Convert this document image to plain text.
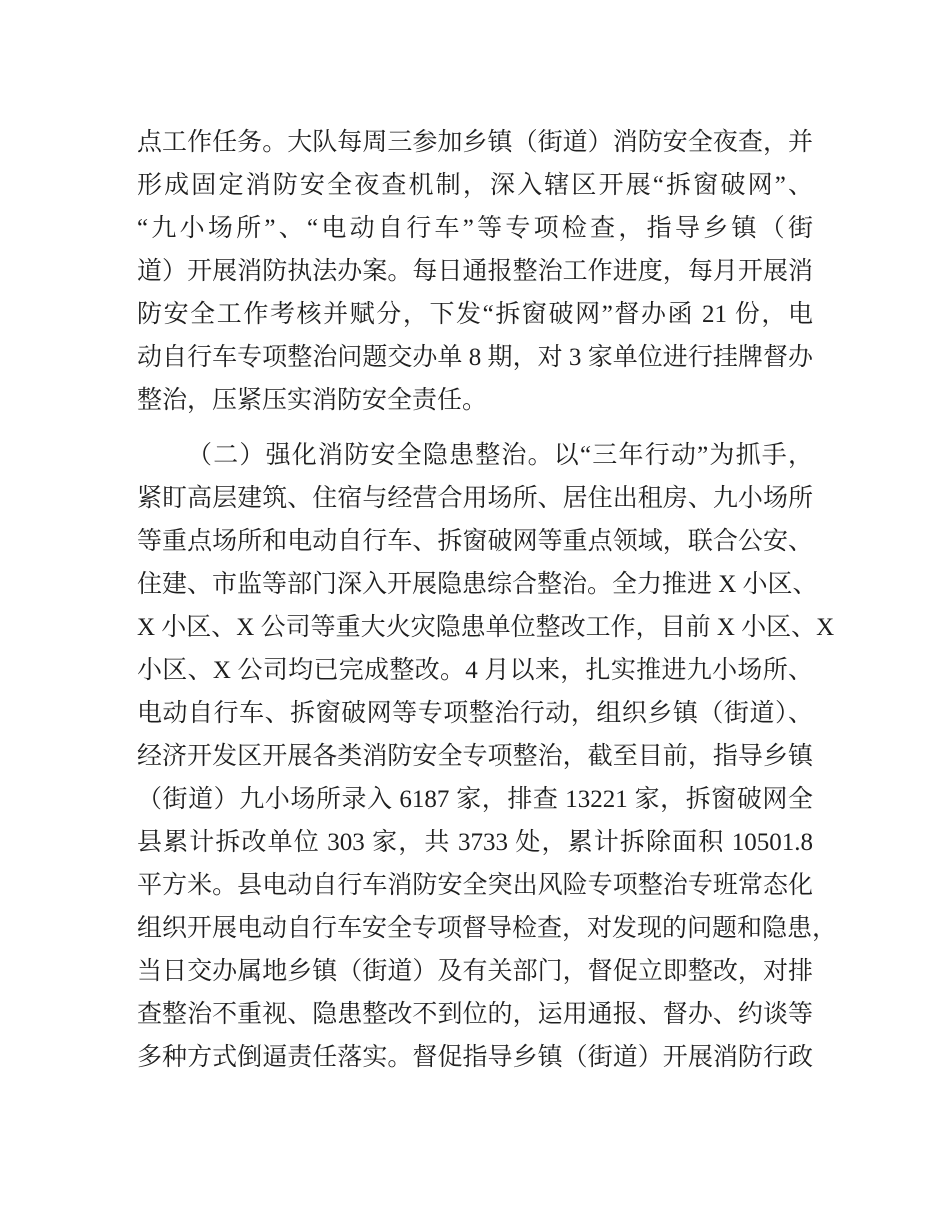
点工作任务。大队每周三参加乡镇（街道）消防安全夜查，并
形成固定消防安全夜查机制，深入辖区开展“拆窗破网”、
“九小场所”、“电动自行车”等专项检查，指导乡镇（街
道）开展消防执法办案。每日通报整治工作进度，每月开展消
防安全工作考核并赋分，下发“拆窗破网”督办函 21 份，电
动自行车专项整治问题交办单 8 期，对 3 家单位进行挂牌督办
整治，压紧压实消防安全责任。
（二）强化消防安全隐患整治。以“三年行动”为抓手，
紧盯高层建筑、住宿与经营合用场所、居住出租房、九小场所
等重点场所和电动自行车、拆窗破网等重点领域，联合公安、
住建、市监等部门深入开展隐患综合整治。全力推进 X 小区、
X 小区、X 公司等重大火灾隐患单位整改工作，目前 X 小区、X
小区、X 公司均已完成整改。4 月以来，扎实推进九小场所、
电动自行车、拆窗破网等专项整治行动，组织乡镇（街道）、
经济开发区开展各类消防安全专项整治，截至目前，指导乡镇
（街道）九小场所录入 6187 家，排查 13221 家，拆窗破网全
县累计拆改单位 303 家，共 3733 处，累计拆除面积 10501.8
平方米。县电动自行车消防安全突出风险专项整治专班常态化
组织开展电动自行车安全专项督导检查，对发现的问题和隐患，
当日交办属地乡镇（街道）及有关部门，督促立即整改，对排
查整治不重视、隐患整改不到位的，运用通报、督办、约谈等
多种方式倒逼责任落实。督促指导乡镇（街道）开展消防行政
